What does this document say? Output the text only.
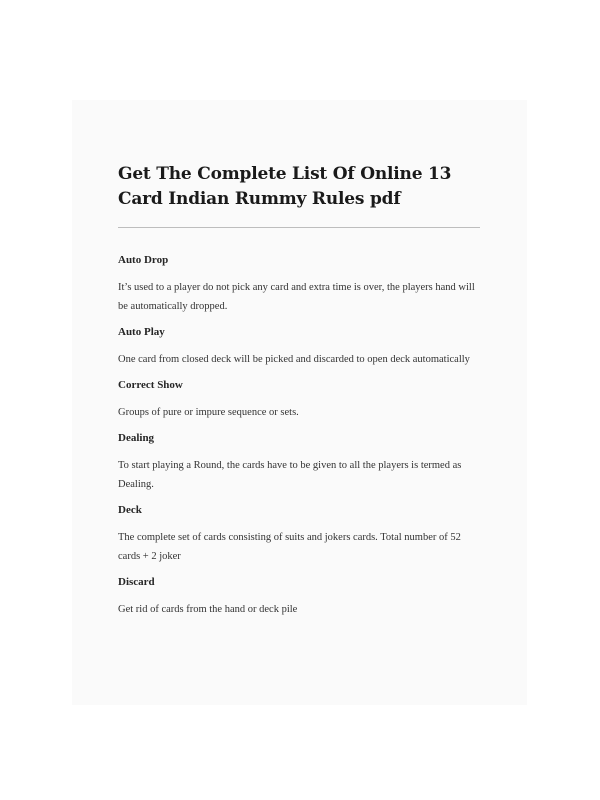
Get The Complete List Of Online 13 Card Indian Rummy Rules pdf
Auto Drop

It’s used to a player do not pick any card and extra time is over, the players hand will be automatically dropped.

Auto Play

One card from closed deck will be picked and discarded to open deck automatically

Correct Show

Groups of pure or impure sequence or sets.

Dealing

To start playing a Round, the cards have to be given to all the players is termed as Dealing.

Deck

The complete set of cards consisting of suits and jokers cards. Total number of 52 cards + 2 joker

Discard

Get rid of cards from the hand or deck pile
